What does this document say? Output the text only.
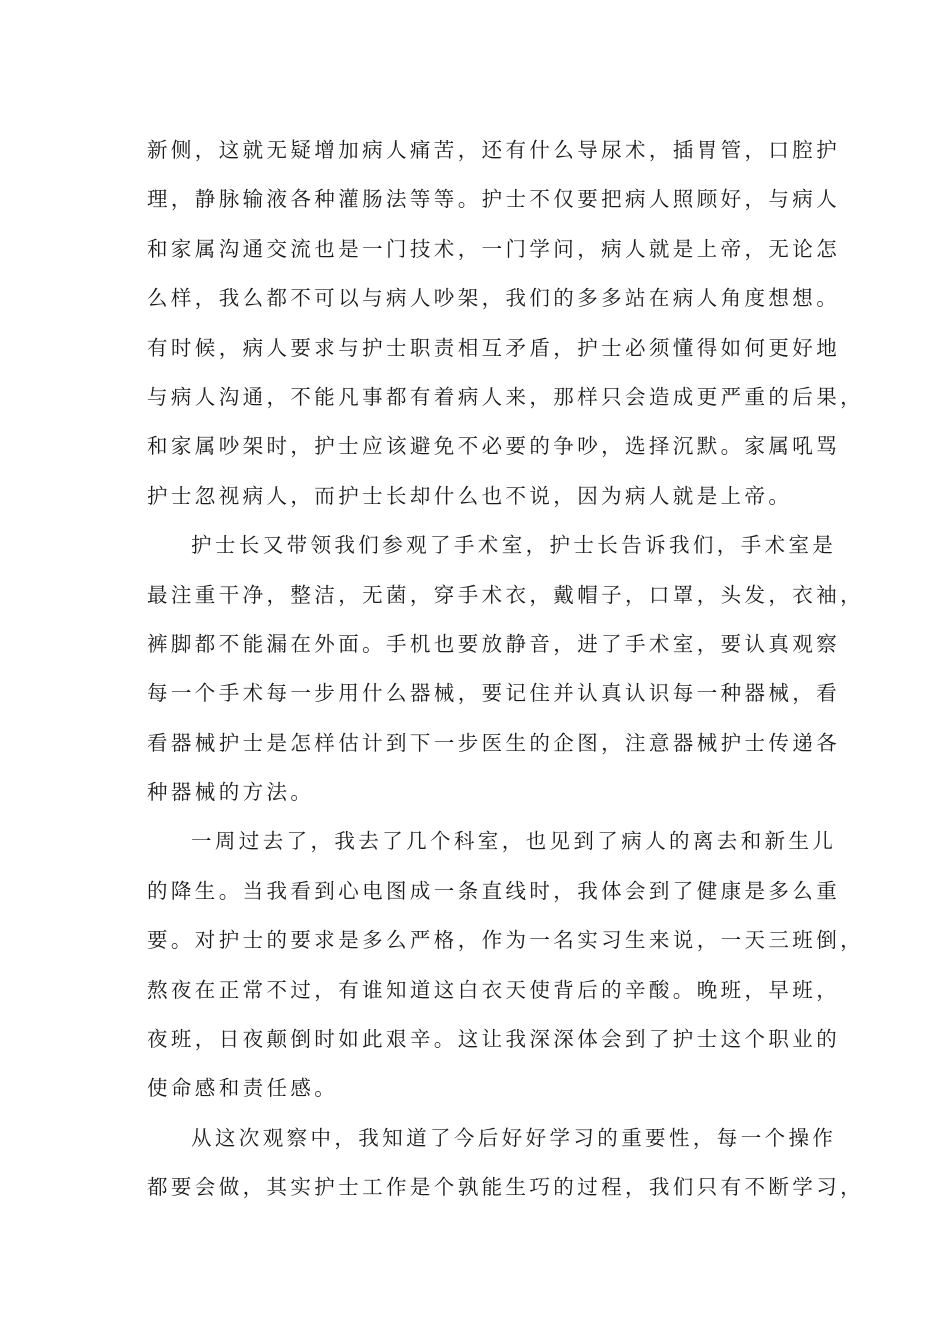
新侧，这就无疑增加病人痛苦，还有什么导尿术，插胃管，口腔护
理，静脉输液各种灌肠法等等。护士不仅要把病人照顾好，与病人
和家属沟通交流也是一门技术，一门学问，病人就是上帝，无论怎
么样，我么都不可以与病人吵架，我们的多多站在病人角度想想。
有时候，病人要求与护士职责相互矛盾，护士必须懂得如何更好地
与病人沟通，不能凡事都有着病人来，那样只会造成更严重的后果，
和家属吵架时，护士应该避免不必要的争吵，选择沉默。家属吼骂
护士忽视病人，而护士长却什么也不说，因为病人就是上帝。
护士长又带领我们参观了手术室，护士长告诉我们，手术室是
最注重干净，整洁，无菌，穿手术衣，戴帽子，口罩，头发，衣袖，
裤脚都不能漏在外面。手机也要放静音，进了手术室，要认真观察
每一个手术每一步用什么器械，要记住并认真认识每一种器械，看
看器械护士是怎样估计到下一步医生的企图，注意器械护士传递各
种器械的方法。
一周过去了，我去了几个科室，也见到了病人的离去和新生儿
的降生。当我看到心电图成一条直线时，我体会到了健康是多么重
要。对护士的要求是多么严格，作为一名实习生来说，一天三班倒，
熬夜在正常不过，有谁知道这白衣天使背后的辛酸。晚班，早班，
夜班，日夜颠倒时如此艰辛。这让我深深体会到了护士这个职业的
使命感和责任感。
从这次观察中，我知道了今后好好学习的重要性，每一个操作
都要会做，其实护士工作是个孰能生巧的过程，我们只有不断学习，
